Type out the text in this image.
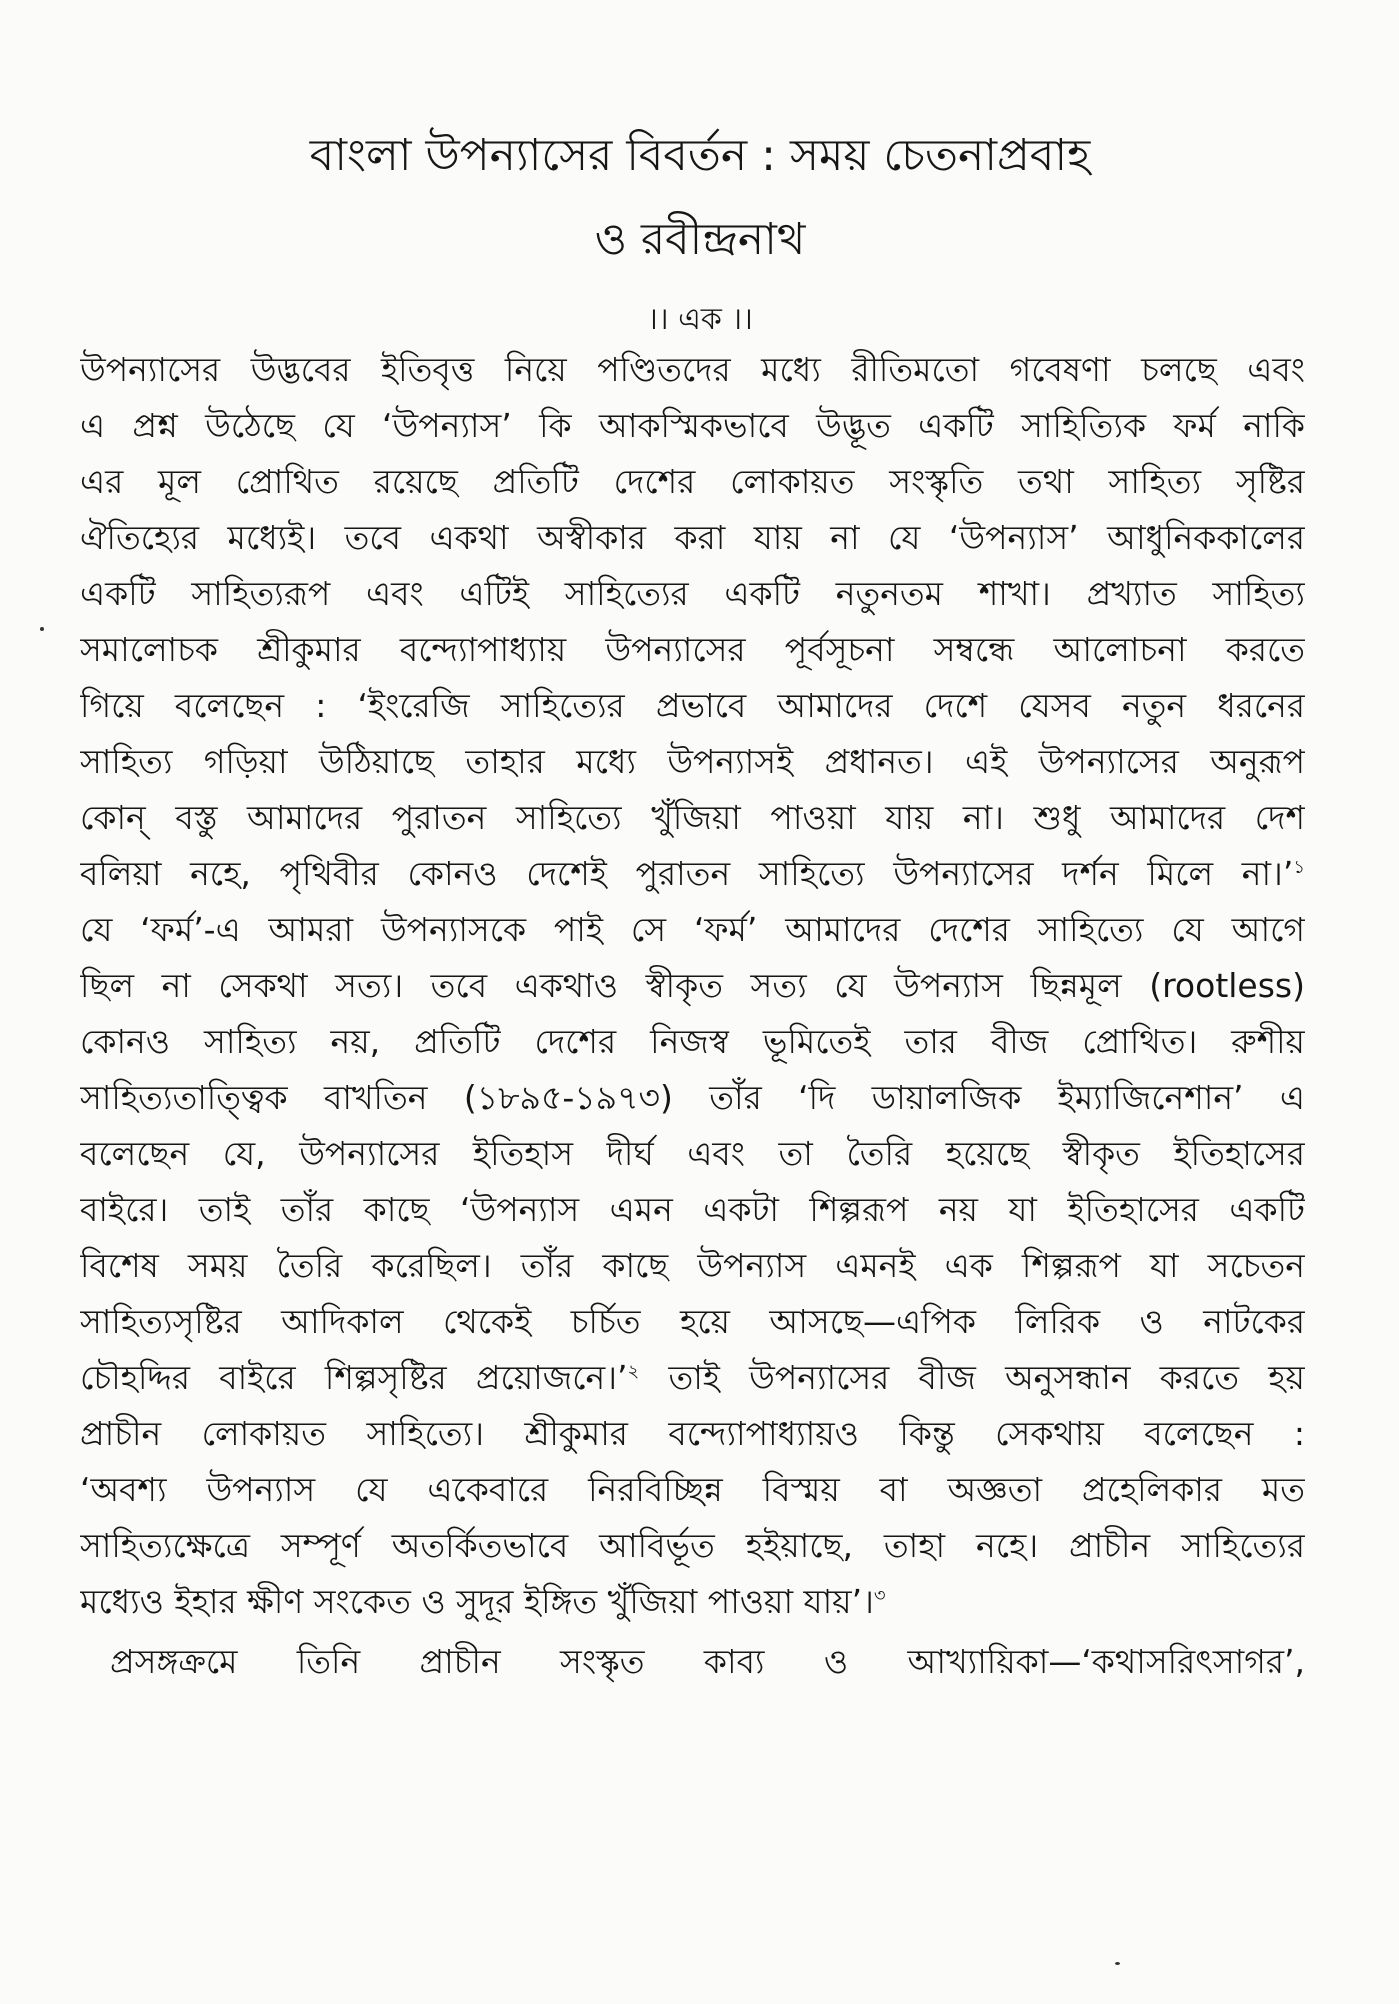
বাংলা উপন্যাসের বিবর্তন : সময় চেতনাপ্রবাহ
ও রবীন্দ্রনাথ
।। এক ।।
উপন্যাসের উদ্ভবের ইতিবৃত্ত নিয়ে পণ্ডিতদের মধ্যে রীতিমতো গবেষণা চলছে এবং
এ প্রশ্ন উঠেছে যে ‘উপন্যাস’ কি আকস্মিকভাবে উদ্ভূত একটি সাহিত্যিক ফর্ম নাকি
এর মূল প্রোথিত রয়েছে প্রতিটি দেশের লোকায়ত সংস্কৃতি তথা সাহিত্য সৃষ্টির
ঐতিহ্যের মধ্যেই। তবে একথা অস্বীকার করা যায় না যে ‘উপন্যাস’ আধুনিককালের
একটি সাহিত্যরূপ এবং এটিই সাহিত্যের একটি নতুনতম শাখা। প্রখ্যাত সাহিত্য
সমালোচক শ্রীকুমার বন্দ্যোপাধ্যায় উপন্যাসের পূর্বসূচনা সম্বন্ধে আলোচনা করতে
গিয়ে বলেছেন : ‘ইংরেজি সাহিত্যের প্রভাবে আমাদের দেশে যেসব নতুন ধরনের
সাহিত্য গড়িয়া উঠিয়াছে তাহার মধ্যে উপন্যাসই প্রধানত। এই উপন্যাসের অনুরূপ
কোন্‌ বস্তু আমাদের পুরাতন সাহিত্যে খুঁজিয়া পাওয়া যায় না। শুধু আমাদের দেশ
বলিয়া নহে, পৃথিবীর কোনও দেশেই পুরাতন সাহিত্যে উপন্যাসের দর্শন মিলে না।’$^১$
যে ‘ফর্ম’-এ আমরা উপন্যাসকে পাই সে ‘ফর্ম’ আমাদের দেশের সাহিত্যে যে আগে
ছিল না সেকথা সত্য। তবে একথাও স্বীকৃত সত্য যে উপন্যাস ছিন্নমূল (rootless)
কোনও সাহিত্য নয়, প্রতিটি দেশের নিজস্ব ভূমিতেই তার বীজ প্রোথিত। রুশীয়
সাহিত্যতাত্ত্বিক বাখতিন (১৮৯৫-১৯৭৩) তাঁর ‘দি ডায়ালজিক ইম্যাজিনেশান’ এ
বলেছেন যে, উপন্যাসের ইতিহাস দীর্ঘ এবং তা তৈরি হয়েছে স্বীকৃত ইতিহাসের
বাইরে। তাই তাঁর কাছে ‘উপন্যাস এমন একটা শিল্পরূপ নয় যা ইতিহাসের একটি
বিশেষ সময় তৈরি করেছিল। তাঁর কাছে উপন্যাস এমনই এক শিল্পরূপ যা সচেতন
সাহিত্যসৃষ্টির আদিকাল থেকেই চর্চিত হয়ে আসছে—এপিক লিরিক ও নাটকের
চৌহদ্দির বাইরে শিল্পসৃষ্টির প্রয়োজনে।’$^২$ তাই উপন্যাসের বীজ অনুসন্ধান করতে হয়
প্রাচীন লোকায়ত সাহিত্যে। শ্রীকুমার বন্দ্যোপাধ্যায়ও কিন্তু সেকথায় বলেছেন :
‘অবশ্য উপন্যাস যে একেবারে নিরবিচ্ছিন্ন বিস্ময় বা অজ্ঞতা প্রহেলিকার মত
সাহিত্যক্ষেত্রে সম্পূর্ণ অতর্কিতভাবে আবির্ভূত হইয়াছে, তাহা নহে। প্রাচীন সাহিত্যের
মধ্যেও ইহার ক্ষীণ সংকেত ও সুদূর ইঙ্গিত খুঁজিয়া পাওয়া যায়’।$^৩$
প্রসঙ্গক্রমে তিনি প্রাচীন সংস্কৃত কাব্য ও আখ্যায়িকা—‘কথাসরিৎসাগর’,
